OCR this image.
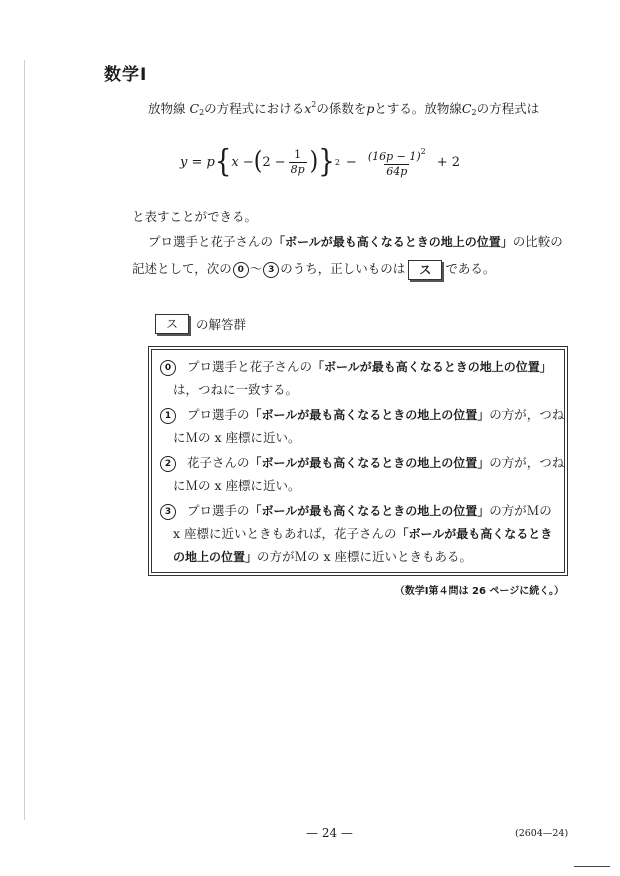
数学Ⅰ
放物線 $C_2$の方程式における$x^2$の係数をpとする。放物線$C_2$の方程式は
y = p { x − ( $2 - \frac{1}{8p}$ ) } $2 - \frac{(16p - 1)^2}{64p} + 2$
と表すことができる。
プロ選手と花子さんの「ボールが最も高くなるときの地上の位置」の比較の
記述として，次の 0 〜 3 のうち，正しいものは ス である。
ス	の解答群
0 プロ選手と花子さんの「ボールが最も高くなるときの地上の位置」
は，つねに一致する。
1 プロ選手の「ボールが最も高くなるときの地上の位置」の方が，つね
にＭの x 座標に近い。
2 花子さんの「ボールが最も高くなるときの地上の位置」の方が，つね
にＭの x 座標に近い。
3 プロ選手の「ボールが最も高くなるときの地上の位置」の方がＭの
x 座標に近いときもあれば，花子さんの「ボールが最も高くなるとき
の地上の位置」の方がＭの x 座標に近いときもある。
（数学Ⅰ第４問は 26 ページに続く。）
— 24 —	(2604—24)
